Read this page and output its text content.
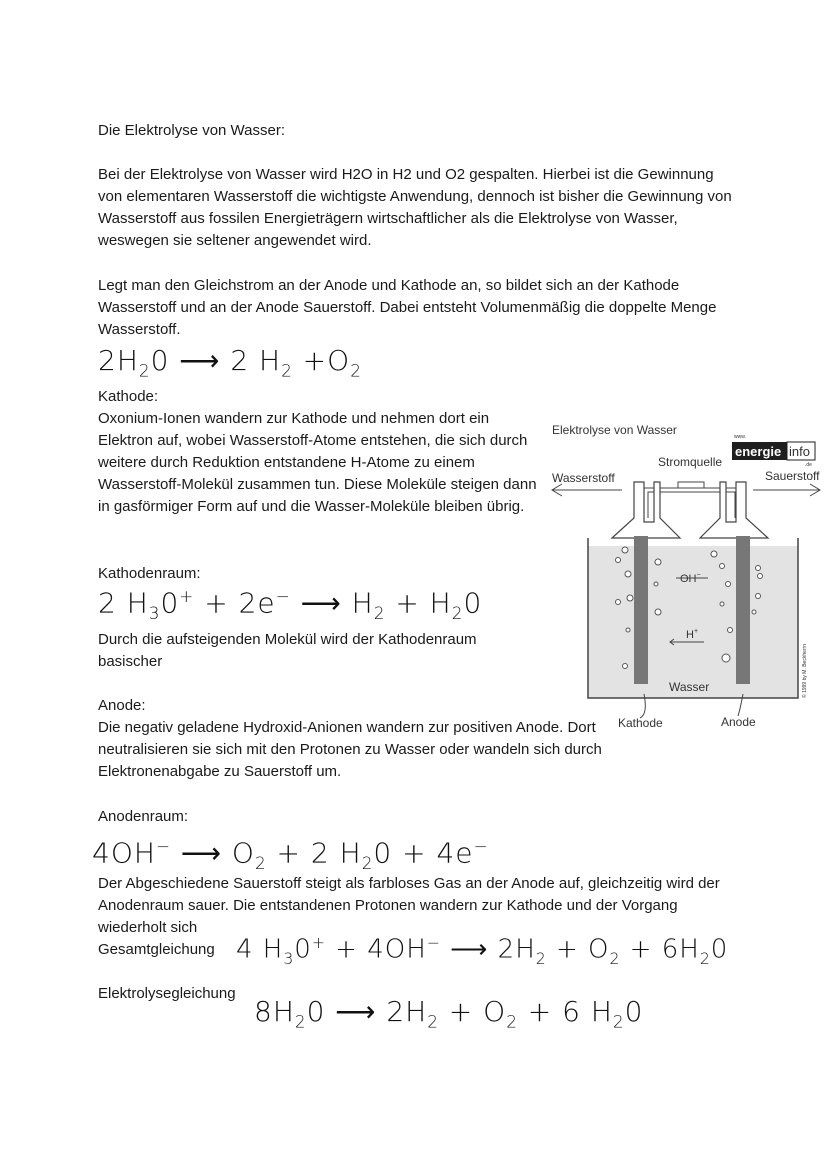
Die Elektrolyse von Wasser:

Bei der Elektrolyse von Wasser wird H2O in H2 und O2 gespalten. Hierbei ist die Gewinnung von elementaren Wasserstoff die wichtigste Anwendung, dennoch ist bisher die Gewinnung von Wasserstoff aus fossilen Energieträgern wirtschaftlicher als die Elektrolyse von Wasser, weswegen sie seltener angewendet wird.

Legt man den Gleichstrom an der Anode und Kathode an, so bildet sich an der Kathode Wasserstoff und an der Anode Sauerstoff. Dabei entsteht Volumenmäßig die doppelte Menge Wasserstoff.

$2H_20$ ⟶ 2 $H_2 +O_2$

Kathode:

Oxonium-Ionen wandern zur Kathode und nehmen dort ein Elektron auf, wobei Wasserstoff-Atome entstehen, die sich durch weitere durch Reduktion entstandene H-Atome zu einem Wasserstoff-Molekül zusammen tun. Diese Moleküle steigen dann in gasförmiger Form auf und die Wasser-Moleküle bleiben übrig.

Kathodenraum:

2 $H_30^+ + 2e^-$ ⟶ $H_2 + H_20$

Durch die aufsteigenden Molekül wird der Kathodenraum basischer

Anode:

Die negativ geladene Hydroxid-Anionen wandern zur positiven Anode. Dort neutralisieren sie sich mit den Protonen zu Wasser oder wandeln sich durch Elektronenabgabe zu Sauerstoff um.

Anodenraum:

4OH− ⟶ $O_2 + 2$ $H_20 + 4e^-$

Der Abgeschiedene Sauerstoff steigt als farbloses Gas an der Anode auf, gleichzeitig wird der Anodenraum sauer. Die entstandenen Protonen wandern zur Kathode und der Vorgang wiederholt sich

Gesamtgleichung 4 $H_30^+ + 4OH^-$ ⟶ $2H_2 + O_2 + 6H_20$

Elektrolysegleichung

$8H_20$ ⟶ $2H_2 + O_2 + 6$ $H_20$

Elektrolyse von Wasser	www.
energie info
.de
Stromquelle
Wasserstoff	Sauerstoff
OH−
H+
Wasser
Kathode	Anode
© 1999 by M. Beckherrn
